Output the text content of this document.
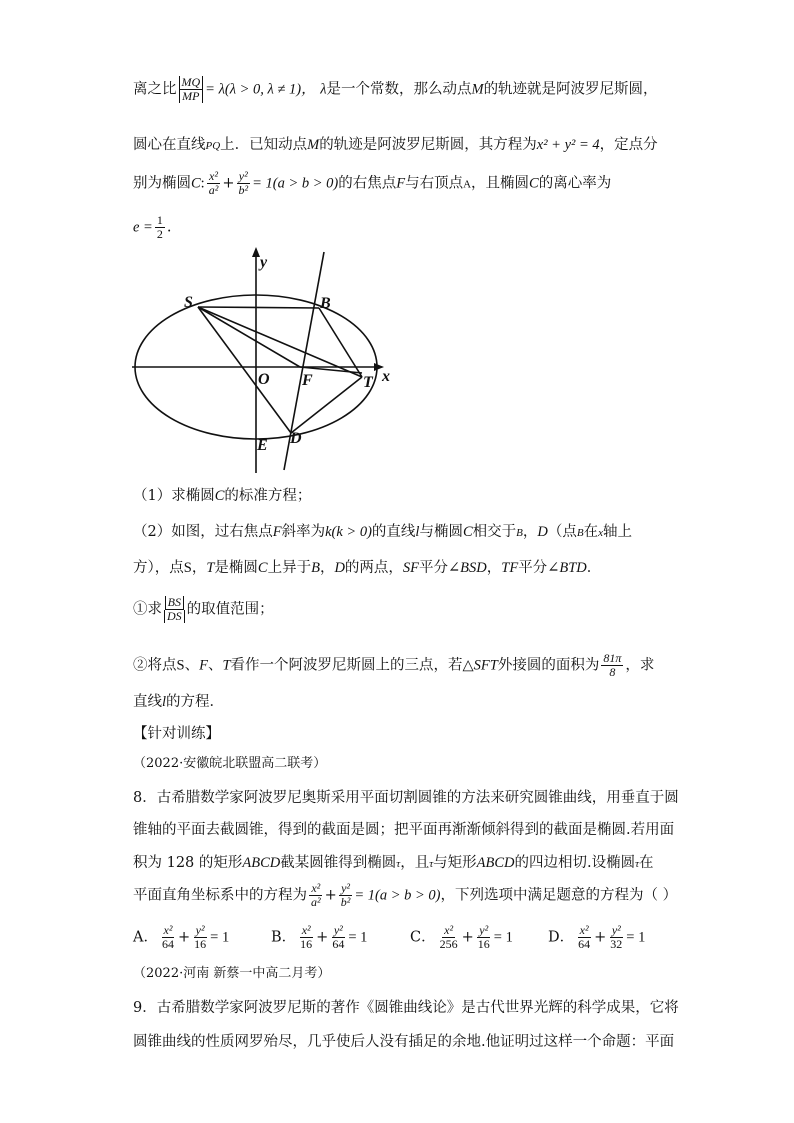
离之比 $\frac{MQ}{MP} = \lambda(\lambda > 0$, λ ≠ 1)， λ是一个常数，那么动点M的轨迹就是阿波罗尼斯圆，
圆心在直线PQ上．已知动点M的轨迹是阿波罗尼斯圆，其方程为x² + y² = 4，定点分
别为椭圆C: $\frac{\text{x²}}{\text{a²}} + \frac{\text{y²}}{\text{b²}} = 1(a > b > 0)$的右焦点F与右顶点A，且椭圆C的离心率为
$e = \frac{1}{2}$ .
y
x
S	B
O F	T
E D
（1）求椭圆C的标准方程；
（2）如图，过右焦点F斜率为k(k > 0)的直线l与椭圆C相交于B，D（点B在x轴上
方），点S，T是椭圆C上异于B，D的两点，SF平分∠BSD，TF平分∠BTD．
①求 $\frac{BS}{DS}$ 的取值范围；
②将点S、F、T看作一个阿波罗尼斯圆上的三点，若△SFT外接圆的面积为 $\frac{81\pi}{8}$ ，求
直线l的方程．
【针对训练】
（2022·安徽皖北联盟高二联考）
8．古希腊数学家阿波罗尼奥斯采用平面切割圆锥的方法来研究圆锥曲线，用垂直于圆
锥轴的平面去截圆锥，得到的截面是圆；把平面再渐渐倾斜得到的截面是椭圆.若用面
积为 128 的矩形ABCD截某圆锥得到椭圆τ，且τ与矩形ABCD的四边相切.设椭圆τ在
平面直角坐标系中的方程为 $\frac{\text{x²}}{\text{a²}} + \frac{\text{y²}}{\text{b²}} = 1(a > b > 0)$，下列选项中满足题意的方程为（ ）
A． $\frac{\text{x²}}{64} + \frac{\text{y²}}{16} = 1$	B． $\frac{\text{x²}}{16} + \frac{\text{y²}}{64} = 1$	C． $\frac{\text{x²}}{256} + \frac{\text{y²}}{16} = 1$ D． $\frac{\text{x²}}{64} + \frac{\text{y²}}{32} = 1$
（2022·河南 新蔡一中高二月考）
9．古希腊数学家阿波罗尼斯的著作《圆锥曲线论》是古代世界光辉的科学成果，它将
圆锥曲线的性质网罗殆尽，几乎使后人没有插足的余地.他证明过这样一个命题：平面
